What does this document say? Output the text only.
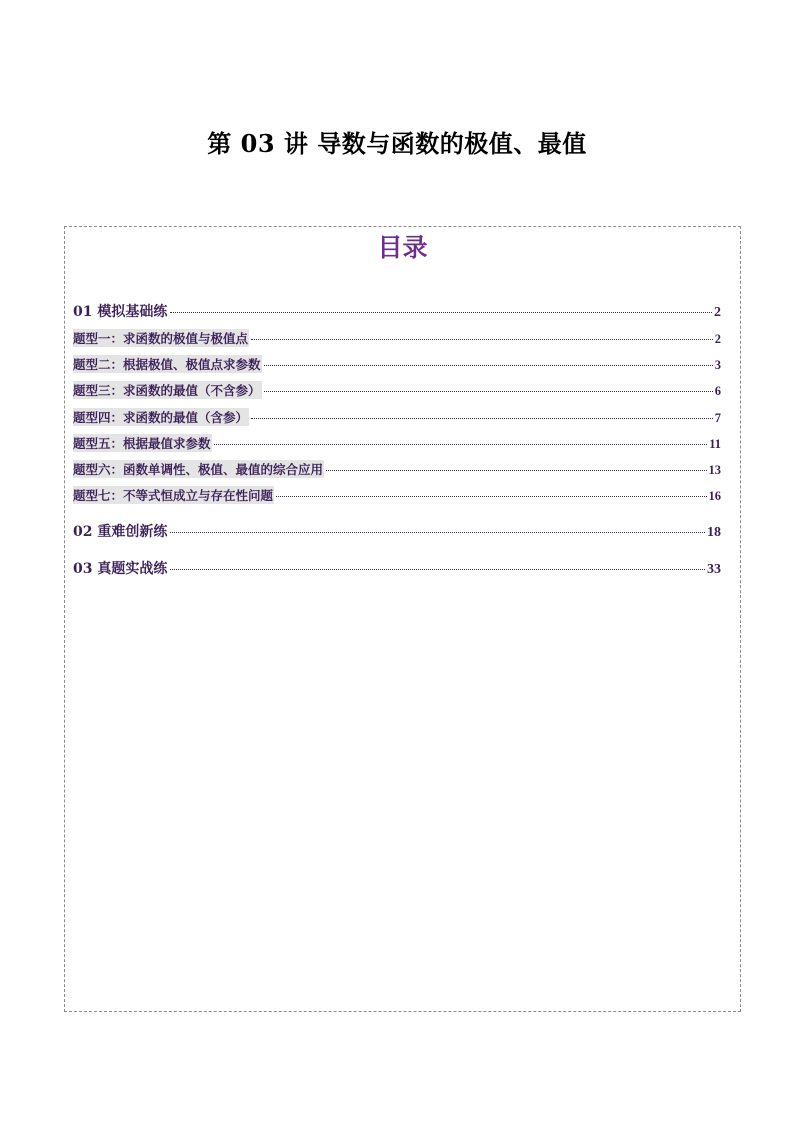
第 03 讲 导数与函数的极值、最值
目录
01 模拟基础练	2
题型一：求函数的极值与极值点	2
题型二：根据极值、极值点求参数	3
题型三：求函数的最值（不含参）	6
题型四：求函数的最值（含参）	7
题型五：根据最值求参数	11
题型六：函数单调性、极值、最值的综合应用	13
题型七：不等式恒成立与存在性问题	16
02 重难创新练	18
03 真题实战练	33
